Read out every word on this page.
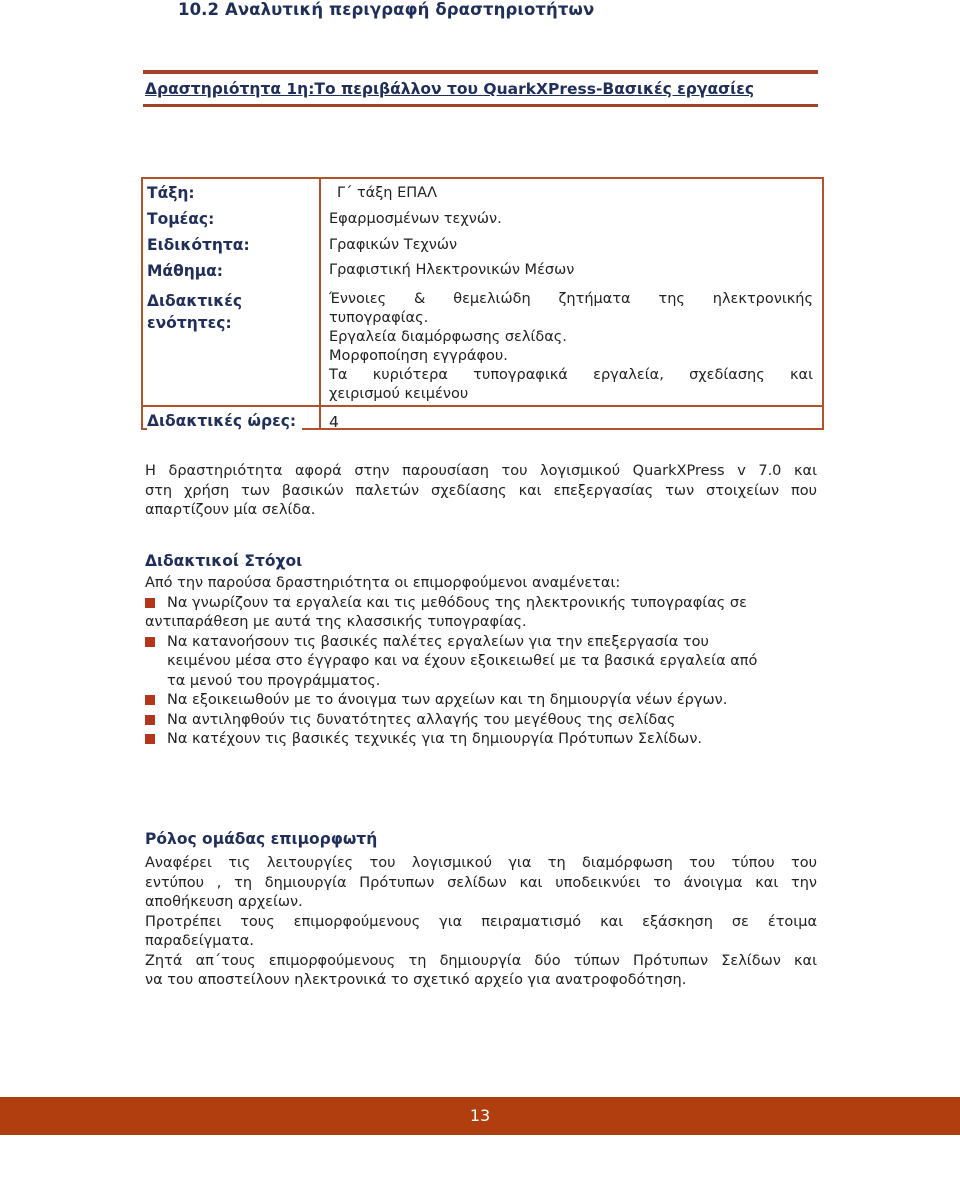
10.2 Αναλυτική περιγραφή δραστηριοτήτων
Δραστηριότητα 1η:Το περιβάλλον του QuarkXPress-Βασικές εργασίες
Τάξη:	Γ΄ τάξη ΕΠΑΛ
Τομέας:	Εφαρμοσμένων τεχνών.
Ειδικότητα:	Γραφικών Τεχνών
Μάθημα:	Γραφιστική Ηλεκτρονικών Μέσων
Διδακτικές
ενότητες:
Έννοιες & θεμελιώδη ζητήματα της ηλεκτρονικής
τυπογραφίας.
Εργαλεία διαμόρφωσης σελίδας.
Μορφοποίηση εγγράφου.
Τα κυριότερα τυπογραφικά εργαλεία, σχεδίασης και
χειρισμού κειμένου
Διδακτικές ώρες:	4
Η δραστηριότητα αφορά στην παρουσίαση του λογισμικού QuarkXPress v 7.0 και
στη χρήση των βασικών παλετών σχεδίασης και επεξεργασίας των στοιχείων που
απαρτίζουν μία σελίδα.
Διδακτικοί Στόχοι
Από την παρούσα δραστηριότητα οι επιμορφούμενοι αναμένεται:
Να γνωρίζουν τα εργαλεία και τις μεθόδους της ηλεκτρονικής τυπογραφίας σε
αντιπαράθεση με αυτά της κλασσικής τυπογραφίας.
Να κατανοήσουν τις βασικές παλέτες εργαλείων για την επεξεργασία του
κειμένου μέσα στο έγγραφο και να έχουν εξοικειωθεί με τα βασικά εργαλεία από
τα μενού του προγράμματος.
Να εξοικειωθούν με το άνοιγμα των αρχείων και τη δημιουργία νέων έργων.
Να αντιληφθούν τις δυνατότητες αλλαγής του μεγέθους της σελίδας
Να κατέχουν τις βασικές τεχνικές για τη δημιουργία Πρότυπων Σελίδων.
Ρόλος ομάδας επιμορφωτή
Αναφέρει τις λειτουργίες του λογισμικού για τη διαμόρφωση του τύπου του
εντύπου , τη δημιουργία Πρότυπων σελίδων και υποδεικνύει το άνοιγμα και την
αποθήκευση αρχείων.
Προτρέπει τους επιμορφούμενους για πειραματισμό και εξάσκηση σε έτοιμα
παραδείγματα.
Ζητά απ΄τους επιμορφούμενους τη δημιουργία δύο τύπων Πρότυπων Σελίδων και
να του αποστείλουν ηλεκτρονικά το σχετικό αρχείο για ανατροφοδότηση.
13
